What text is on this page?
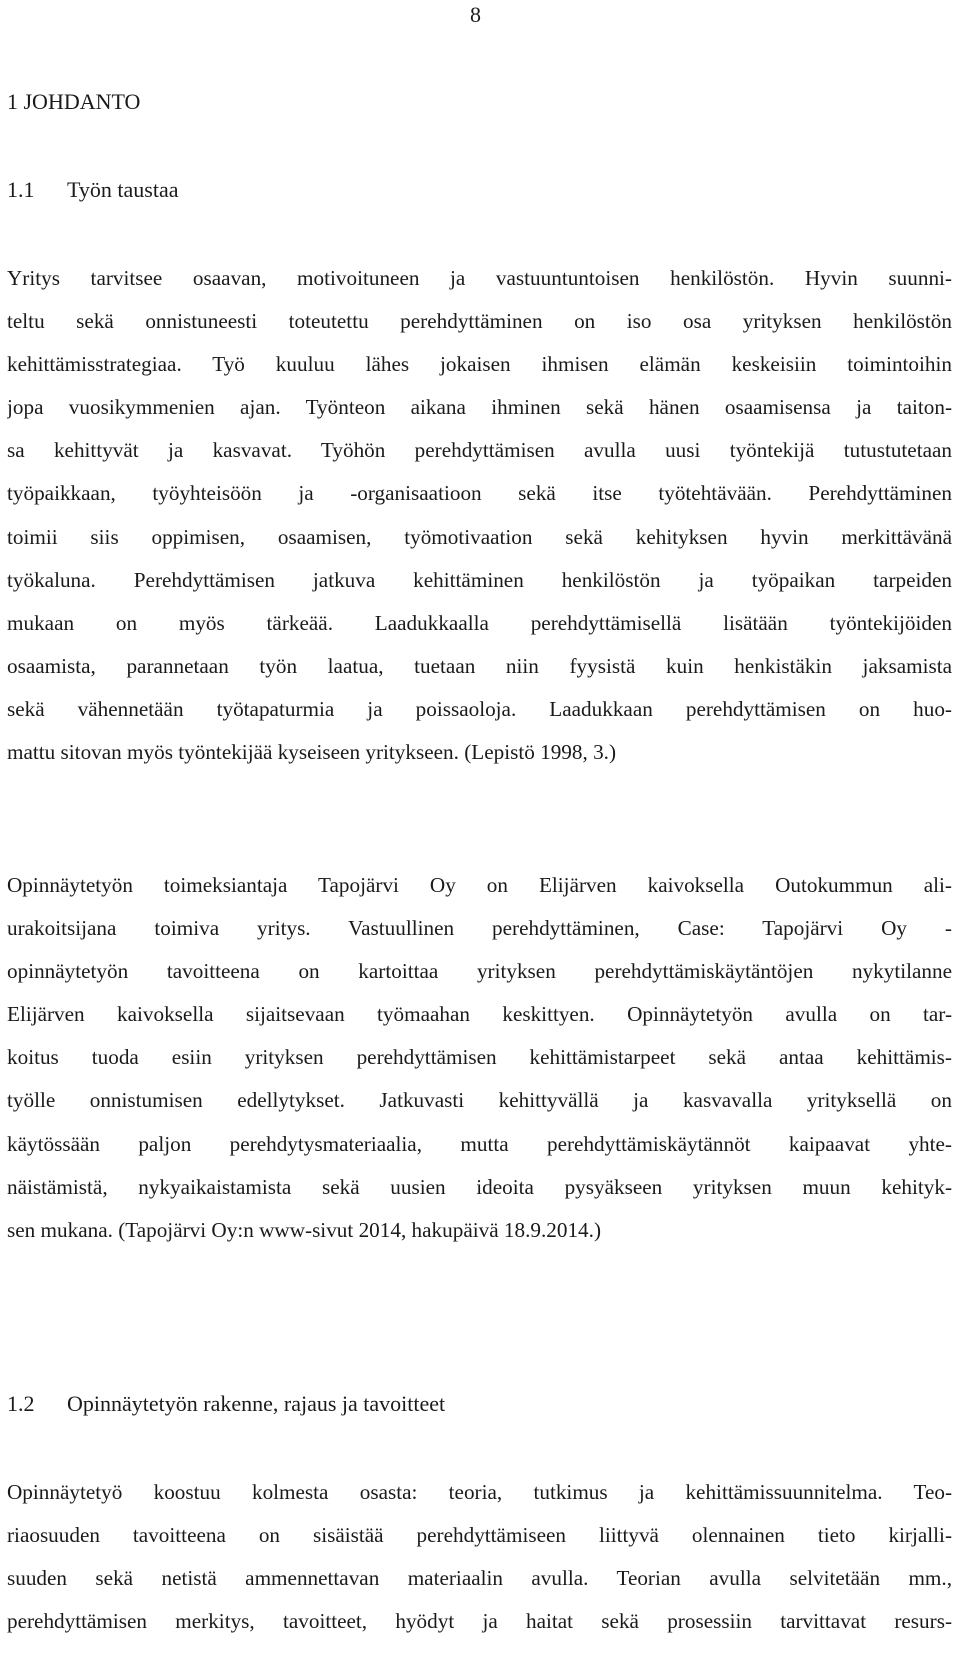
8
1 JOHDANTO
1.1 Työn taustaa
Yritys tarvitsee osaavan, motivoituneen ja vastuuntuntoisen henkilöstön. Hyvin suunni-
teltu sekä onnistuneesti toteutettu perehdyttäminen on iso osa yrityksen henkilöstön
kehittämisstrategiaa. Työ kuuluu lähes jokaisen ihmisen elämän keskeisiin toimintoihin
jopa vuosikymmenien ajan. Työnteon aikana ihminen sekä hänen osaamisensa ja taiton-
sa kehittyvät ja kasvavat. Työhön perehdyttämisen avulla uusi työntekijä tutustutetaan
työpaikkaan, työyhteisöön ja -organisaatioon sekä itse työtehtävään. Perehdyttäminen
toimii siis oppimisen, osaamisen, työmotivaation sekä kehityksen hyvin merkittävänä
työkaluna. Perehdyttämisen jatkuva kehittäminen henkilöstön ja työpaikan tarpeiden
mukaan on myös tärkeää. Laadukkaalla perehdyttämisellä lisätään työntekijöiden
osaamista, parannetaan työn laatua, tuetaan niin fyysistä kuin henkistäkin jaksamista
sekä vähennetään työtapaturmia ja poissaoloja. Laadukkaan perehdyttämisen on huo-
mattu sitovan myös työntekijää kyseiseen yritykseen. (Lepistö 1998, 3.)
Opinnäytetyön toimeksiantaja Tapojärvi Oy on Elijärven kaivoksella Outokummun ali-
urakoitsijana toimiva yritys. Vastuullinen perehdyttäminen, Case: Tapojärvi Oy -
opinnäytetyön tavoitteena on kartoittaa yrityksen perehdyttämiskäytäntöjen nykytilanne
Elijärven kaivoksella sijaitsevaan työmaahan keskittyen. Opinnäytetyön avulla on tar-
koitus tuoda esiin yrityksen perehdyttämisen kehittämistarpeet sekä antaa kehittämis-
työlle onnistumisen edellytykset. Jatkuvasti kehittyvällä ja kasvavalla yrityksellä on
käytössään paljon perehdytysmateriaalia, mutta perehdyttämiskäytännöt kaipaavat yhte-
näistämistä, nykyaikaistamista sekä uusien ideoita pysyäkseen yrityksen muun kehityk-
sen mukana. (Tapojärvi Oy:n www-sivut 2014, hakupäivä 18.9.2014.)
1.2 Opinnäytetyön rakenne, rajaus ja tavoitteet
Opinnäytetyö koostuu kolmesta osasta: teoria, tutkimus ja kehittämissuunnitelma. Teo-
riaosuuden tavoitteena on sisäistää perehdyttämiseen liittyvä olennainen tieto kirjalli-
suuden sekä netistä ammennettavan materiaalin avulla. Teorian avulla selvitetään mm.,
perehdyttämisen merkitys, tavoitteet, hyödyt ja haitat sekä prosessiin tarvittavat resurs-
